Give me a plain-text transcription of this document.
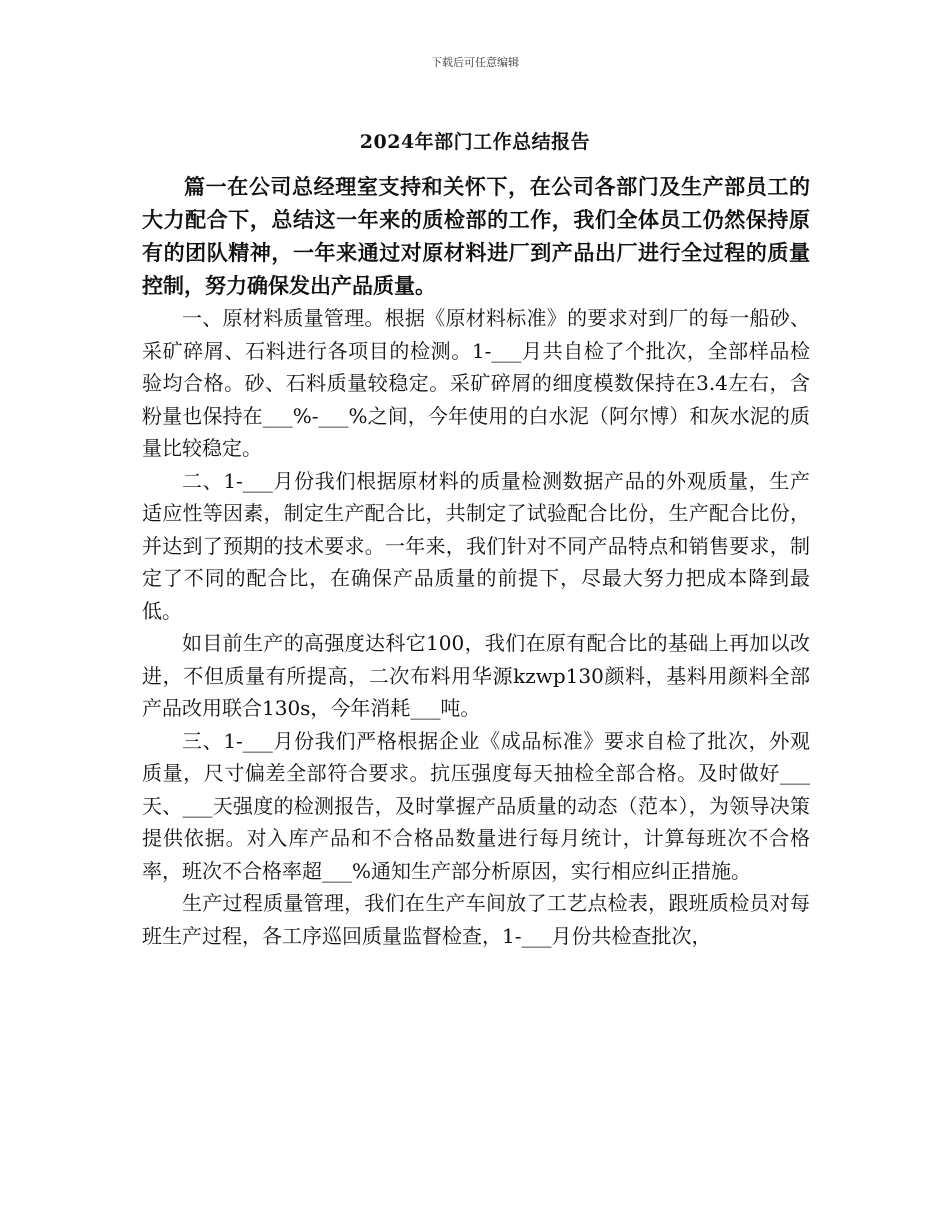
下载后可任意编辑
2024年部门工作总结报告

篇一在公司总经理室支持和关怀下，在公司各部门及生产部员工的大力配合下，总结这一年来的质检部的工作，我们全体员工仍然保持原有的团队精神，一年来通过对原材料进厂到产品出厂进行全过程的质量控制，努力确保发出产品质量。

一、原材料质量管理。根据《原材料标准》的要求对到厂的每一船砂、采矿碎屑、石料进行各项目的检测。1-___月共自检了个批次，全部样品检验均合格。砂、石料质量较稳定。采矿碎屑的细度模数保持在3.4左右，含粉量也保持在___%-___%之间，今年使用的白水泥（阿尔博）和灰水泥的质量比较稳定。

二、1-___月份我们根据原材料的质量检测数据产品的外观质量，生产适应性等因素，制定生产配合比，共制定了试验配合比份，生产配合比份，并达到了预期的技术要求。一年来，我们针对不同产品特点和销售要求，制定了不同的配合比，在确保产品质量的前提下，尽最大努力把成本降到最低。

如目前生产的高强度达科它100，我们在原有配合比的基础上再加以改进，不但质量有所提高，二次布料用华源kzwp130颜料，基料用颜料全部产品改用联合130s，今年消耗___吨。

三、1-___月份我们严格根据企业《成品标准》要求自检了批次，外观质量，尺寸偏差全部符合要求。抗压强度每天抽检全部合格。及时做好___天、___天强度的检测报告，及时掌握产品质量的动态（范本），为领导决策提供依据。对入库产品和不合格品数量进行每月统计，计算每班次不合格率，班次不合格率超___%通知生产部分析原因，实行相应纠正措施。

生产过程质量管理，我们在生产车间放了工艺点检表，跟班质检员对每班生产过程，各工序巡回质量监督检查，1-___月份共检查批次，
